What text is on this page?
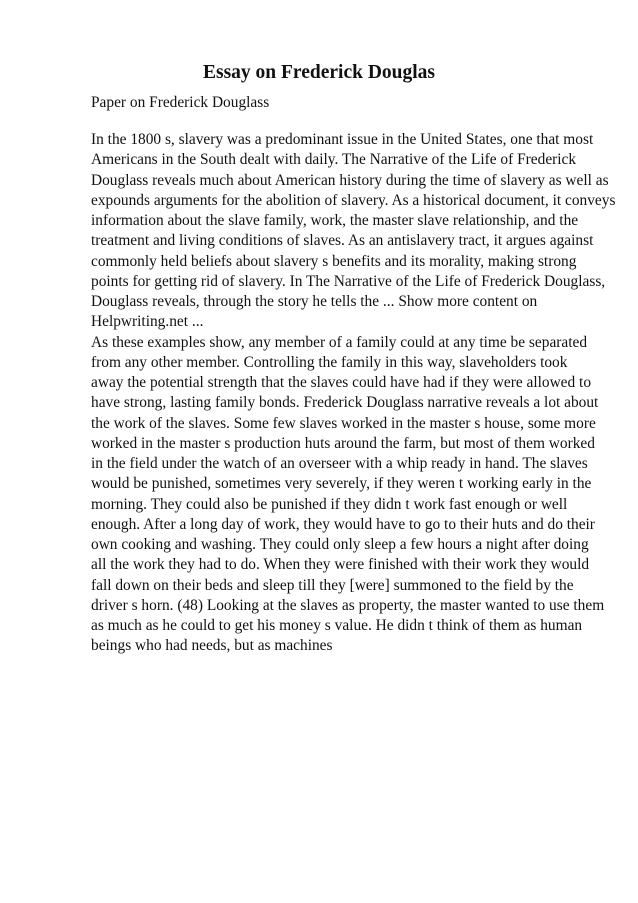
Essay on Frederick Douglas

Paper on Frederick Douglass

In the 1800 s, slavery was a predominant issue in the United States, one that most
Americans in the South dealt with daily. The Narrative of the Life of Frederick
Douglass reveals much about American history during the time of slavery as well as
expounds arguments for the abolition of slavery. As a historical document, it conveys
information about the slave family, work, the master slave relationship, and the
treatment and living conditions of slaves. As an antislavery tract, it argues against
commonly held beliefs about slavery s benefits and its morality, making strong
points for getting rid of slavery. In The Narrative of the Life of Frederick Douglass,
Douglass reveals, through the story he tells the ... Show more content on
Helpwriting.net ...
As these examples show, any member of a family could at any time be separated
from any other member. Controlling the family in this way, slaveholders took
away the potential strength that the slaves could have had if they were allowed to
have strong, lasting family bonds. Frederick Douglass narrative reveals a lot about
the work of the slaves. Some few slaves worked in the master s house, some more
worked in the master s production huts around the farm, but most of them worked
in the field under the watch of an overseer with a whip ready in hand. The slaves
would be punished, sometimes very severely, if they weren t working early in the
morning. They could also be punished if they didn t work fast enough or well
enough. After a long day of work, they would have to go to their huts and do their
own cooking and washing. They could only sleep a few hours a night after doing
all the work they had to do. When they were finished with their work they would
fall down on their beds and sleep till they [were] summoned to the field by the
driver s horn. (48) Looking at the slaves as property, the master wanted to use them
as much as he could to get his money s value. He didn t think of them as human
beings who had needs, but as machines
